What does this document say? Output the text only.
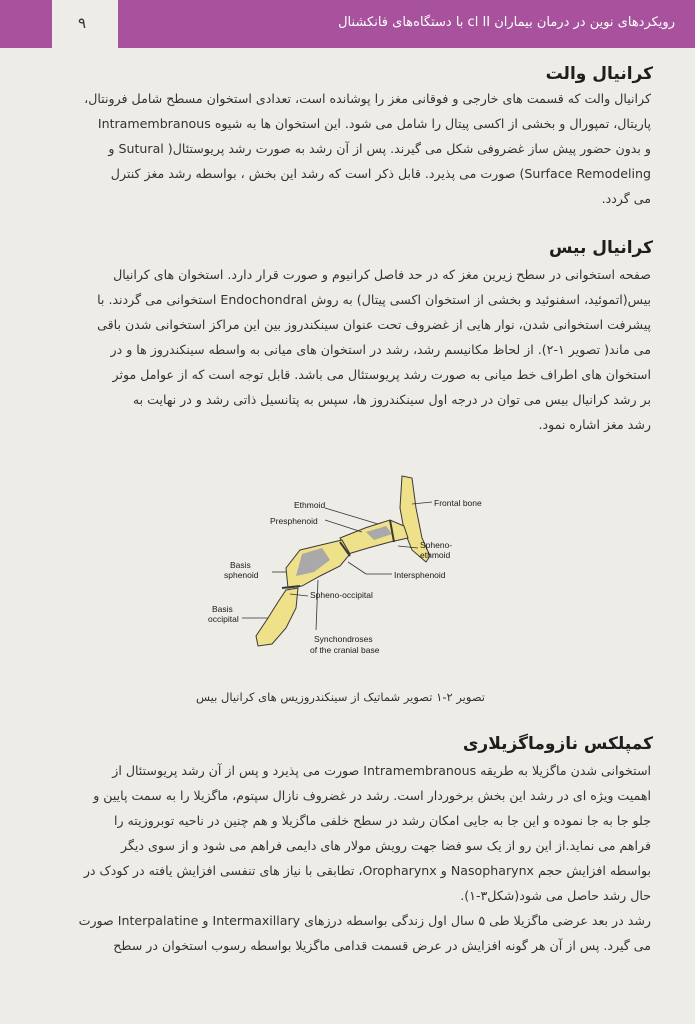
۹	رویکردهای نوین در درمان بیماران cl II با دستگاه‌های فانکشنال
کرانیال والت
کرانیال والت که قسمت های خارجی و فوقانی مغز را پوشانده است، تعدادی استخوان مسطح شامل فرونتال،
پاریتال، تمپورال و بخشی از اکسی پیتال را شامل می شود. این استخوان ها به شیوه Intramembranous
و بدون حضور پیش ساز غضروفی شکل می گیرند. پس از آن رشد به صورت رشد پریوستئال( Sutural و
Surface Remodeling) صورت می پذیرد. قابل ذکر است که رشد این بخش ، بواسطه رشد مغز کنترل
می گردد.
کرانیال بیس
صفحه استخوانی در سطح زیرین مغز که در حد فاصل کرانیوم و صورت قرار دارد. استخوان های کرانیال
بیس(اتموئید، اسفنوئید و بخشی از استخوان اکسی پیتال) به روش Endochondral استخوانی می گردند. با
پیشرفت استخوانی شدن، نوار هایی از غضروف تحت عنوان سینکندروز بین این مراکز استخوانی شدن باقی
می ماند( تصویر ۱-۲). از لحاظ مکانیسم رشد، رشد در استخوان های میانی به واسطه سینکندروز ها و در
استخوان های اطراف خط میانی به صورت رشد پریوستئال می باشد. قابل توجه است که از عوامل موثر
بر رشد کرانیال بیس می توان در درجه اول سینکندروز ها، سپس به پتانسیل ذاتی رشد و در نهایت به
رشد مغز اشاره نمود.
Ethmoid	Frontal bone
Presphenoid
Spheno-
ethmoid
Basis
sphenoid	Intersphenoid
Spheno-occipital
Basis
occipital
Synchondroses
of the cranial base
تصویر ۲-۱ تصویر شماتیک از سینکندروزیس های کرانیال بیس
کمپلکس نازوماگزیلاری
استخوانی شدن ماگزیلا به طریقه Intramembranous صورت می پذیرد و پس از آن رشد پریوستئال از
اهمیت ویژه ای در رشد این بخش برخوردار است. رشد در غضروف نازال سپتوم، ماگزیلا را به سمت پایین و
جلو جا به جا نموده و این جا به جایی امکان رشد در سطح خلفی ماگزیلا و هم چنین در ناحیه توبروزیته را
فراهم می نماید.از این رو از یک سو فضا جهت رویش مولار های دایمی فراهم می شود و از سوی دیگر
بواسطه افزایش حجم Nasopharynx و Oropharynx، تطابقی با نیاز های تنفسی افزایش یافته در کودک در
حال رشد حاصل می شود(شکل۳-۱).
رشد در بعد عرضی ماگزیلا طی ۵ سال اول زندگی بواسطه درزهای Intermaxillary و Interpalatine صورت
می گیرد. پس از آن هر گونه افزایش در عرض قسمت قدامی ماگزیلا بواسطه رسوب استخوان در سطح
